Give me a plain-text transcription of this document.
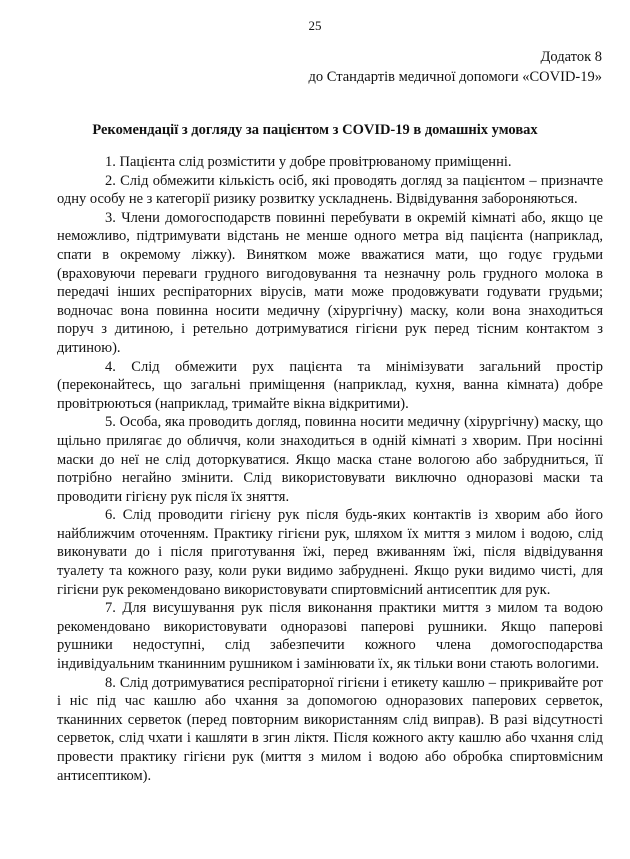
25
Додаток 8
до Стандартів медичної допомоги «COVID-19»
Рекомендації з догляду за пацієнтом з COVID-19 в домашніх умовах

1. Пацієнта слід розмістити у добре провітрюваному приміщенні.

2. Слід обмежити кількість осіб, які проводять догляд за пацієнтом – призначте одну особу не з категорії ризику розвитку ускладнень. Відвідування забороняються.

3. Члени домогосподарств повинні перебувати в окремій кімнаті або, якщо це неможливо, підтримувати відстань не менше одного метра від пацієнта (наприклад, спати в окремому ліжку). Винятком може вважатися мати, що годує грудьми (враховуючи переваги грудного вигодовування та незначну роль грудного молока в передачі інших респіраторних вірусів, мати може продовжувати годувати грудьми; водночас вона повинна носити медичну (хірургічну) маску, коли вона знаходиться поруч з дитиною, і ретельно дотримуватися гігієни рук перед тісним контактом з дитиною).

4. Слід обмежити рух пацієнта та мінімізувати загальний простір (переконайтесь, що загальні приміщення (наприклад, кухня, ванна кімната) добре провітрюються (наприклад, тримайте вікна відкритими).

5. Особа, яка проводить догляд, повинна носити медичну (хірургічну) маску, що щільно прилягає до обличчя, коли знаходиться в одній кімнаті з хворим. При носінні маски до неї не слід доторкуватися. Якщо маска стане вологою або забрудниться, її потрібно негайно змінити. Слід використовувати виключно одноразові маски та проводити гігієну рук після їх зняття.

6. Слід проводити гігієну рук після будь-яких контактів із хворим або його найближчим оточенням. Практику гігієни рук, шляхом їх миття з милом і водою, слід виконувати до і після приготування їжі, перед вживанням їжі, після відвідування туалету та кожного разу, коли руки видимо забруднені. Якщо руки видимо чисті, для гігієни рук рекомендовано використовувати спиртовмісний антисептик для рук.

7. Для висушування рук після виконання практики миття з милом та водою рекомендовано використовувати одноразові паперові рушники. Якщо паперові рушники недоступні, слід забезпечити кожного члена домогосподарства індивідуальним тканинним рушником і замінювати їх, як тільки вони стають вологими.

8. Слід дотримуватися респіраторної гігієни і етикету кашлю – прикривайте рот і ніс під час кашлю або чхання за допомогою одноразових паперових серветок, тканинних серветок (перед повторним використанням слід виправ). В разі відсутності серветок, слід чхати і кашляти в згин ліктя. Після кожного акту кашлю або чхання слід провести практику гігієни рук (миття з милом і водою або обробка спиртовмісним антисептиком).
